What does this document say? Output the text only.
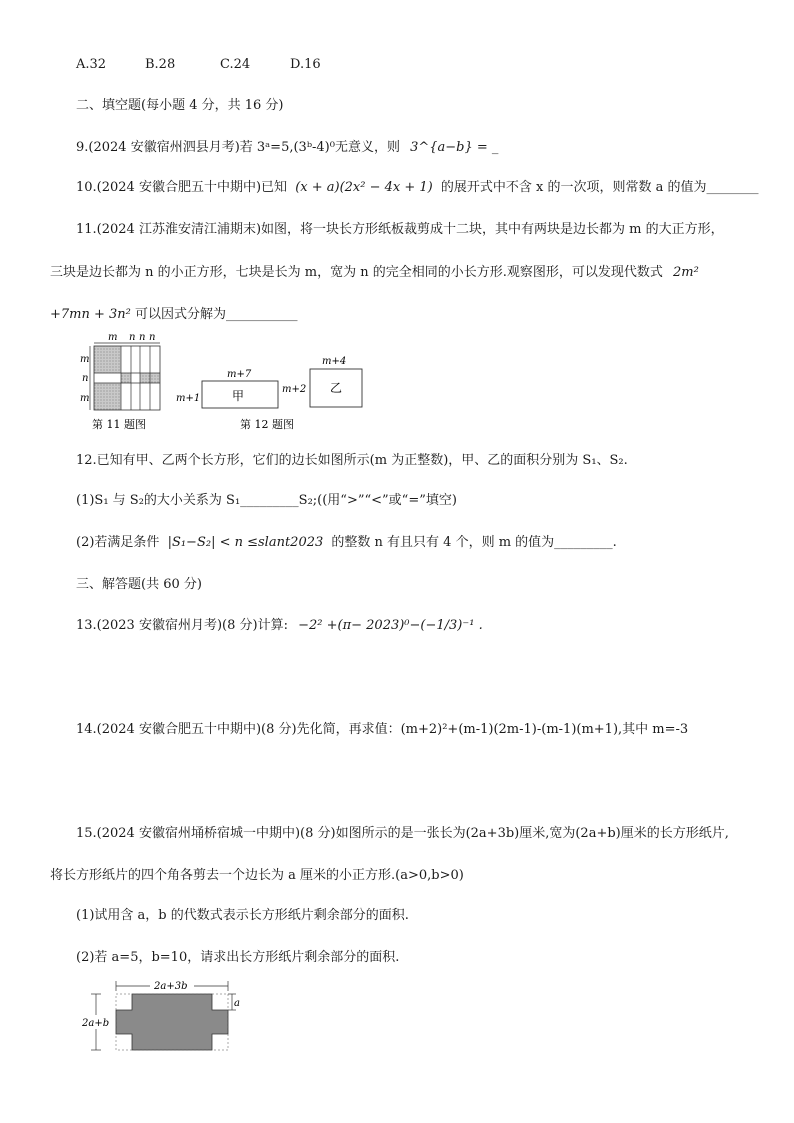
A.32	B.28	C.24	D.16
二、填空题(每小题 4 分，共 16 分)
9.(2024 安徽宿州泗县月考)若 3ᵃ=5,(3ᵇ-4)⁰无意义，则 3^{a−b} = _
10.(2024 安徽合肥五十中期中)已知 (x + a)(2x² − 4x + 1) 的展开式中不含 x 的一次项，则常数 a 的值为________
11.(2024 江苏淮安清江浦期末)如图，将一块长方形纸板裁剪成十二块，其中有两块是边长都为 m 的大正方形，
三块是边长都为 n 的小正方形，七块是长为 m，宽为 n 的完全相同的小长方形.观察图形，可以发现代数式 2m²
+7mn + 3n² 可以因式分解为___________
m n n n
m
n
m
第 11 题图
m+7
m+1	甲
m+4
m+2 乙
第 12 题图
12.已知有甲、乙两个长方形，它们的边长如图所示(m 为正整数)，甲、乙的面积分别为 S₁、S₂.
(1)S₁ 与 S₂的大小关系为 S₁_________S₂;((用“>”“<”或“=”填空)
(2)若满足条件 |S₁−S₂| < n ≤slant2023 的整数 n 有且只有 4 个，则 m 的值为_________.
三、解答题(共 60 分)
13.(2023 安徽宿州月考)(8 分)计算: −2² +(π− 2023)⁰−(−1/3)⁻¹ .
14.(2024 安徽合肥五十中期中)(8 分)先化简，再求值：(m+2)²+(m-1)(2m-1)-(m-1)(m+1),其中 m=-3
15.(2024 安徽宿州埇桥宿城一中期中)(8 分)如图所示的是一张长为(2a+3b)厘米,宽为(2a+b)厘米的长方形纸片,
将长方形纸片的四个角各剪去一个边长为 a 厘米的小正方形.(a>0,b>0)
(1)试用含 a，b 的代数式表示长方形纸片剩余部分的面积.
(2)若 a=5，b=10，请求出长方形纸片剩余部分的面积.
2a+3b
2a+b
a
